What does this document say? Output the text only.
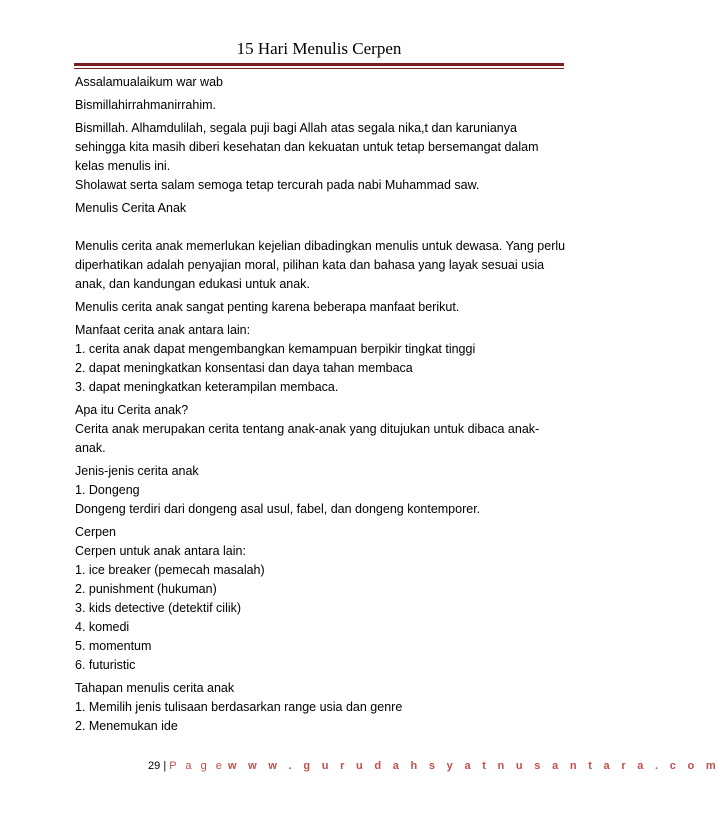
15 Hari Menulis Cerpen
Assalamualaikum war wab
Bismillahirrahmanirrahim.
Bismillah. Alhamdulilah, segala puji bagi Allah atas segala nika,t dan karunianya
sehingga kita masih diberi kesehatan dan kekuatan untuk tetap bersemangat dalam
kelas menulis ini.
Sholawat serta salam semoga tetap tercurah pada nabi Muhammad saw.
Menulis Cerita Anak
Menulis cerita anak memerlukan kejelian dibadingkan menulis untuk dewasa. Yang perlu
diperhatikan adalah penyajian moral, pilihan kata dan bahasa yang layak sesuai usia
anak, dan kandungan edukasi untuk anak.
Menulis cerita anak sangat penting karena beberapa manfaat berikut.
Manfaat cerita anak antara lain:
1. cerita anak dapat mengembangkan kemampuan berpikir tingkat tinggi
2. dapat meningkatkan konsentasi dan daya tahan membaca
3. dapat meningkatkan keterampilan membaca.
Apa itu Cerita anak?
Cerita anak merupakan cerita tentang anak-anak yang ditujukan untuk dibaca anak-
anak.
Jenis-jenis cerita anak
1. Dongeng
Dongeng terdiri dari dongeng asal usul, fabel, dan dongeng kontemporer.
Cerpen
Cerpen untuk anak antara lain:
1. ice breaker (pemecah masalah)
2. punishment (hukuman)
3. kids detective (detektif cilik)
4. komedi
5. momentum
6. futuristic
Tahapan menulis cerita anak
1. Memilih jenis tulisaan berdasarkan range usia dan genre
2. Menemukan ide
29 | P a g e w w w . g u r u d a h s y a t n u s a n t a r a . c o m
